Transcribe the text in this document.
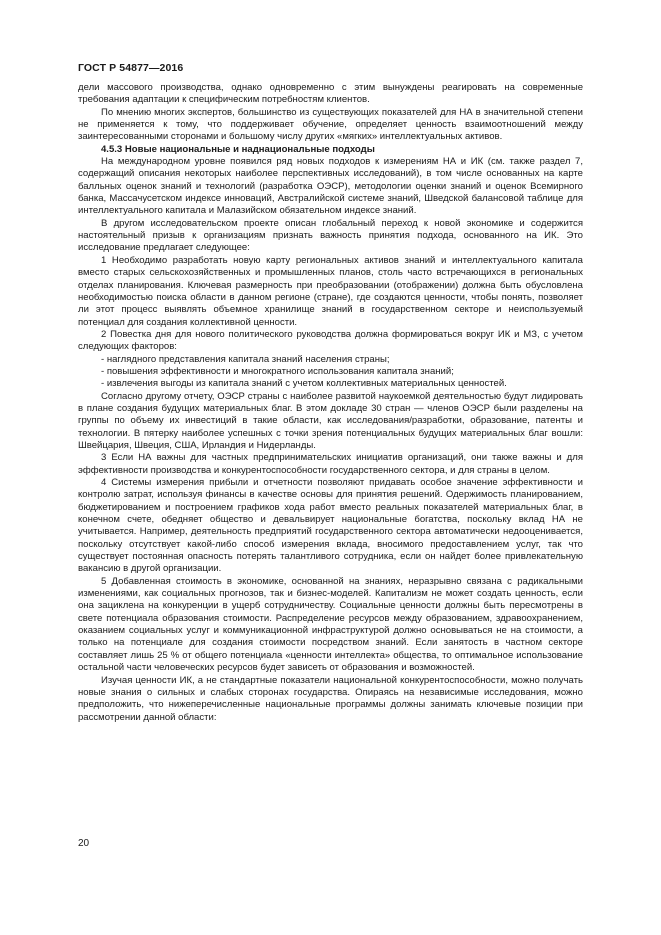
ГОСТ Р 54877—2016

дели массового производства, однако одновременно с этим вынуждены реагировать на современные требования адаптации к специфическим потребностям клиентов.

По мнению многих экспертов, большинство из существующих показателей для НА в значительной степени не применяется к тому, что поддерживает обучение, определяет ценность взаимоотношений между заинтересованными сторонами и большому числу других «мягких» интеллектуальных активов.

4.5.3 Новые национальные и наднациональные подходы

На международном уровне появился ряд новых подходов к измерениям НА и ИК (см. также раздел 7, содержащий описания некоторых наиболее перспективных исследований), в том числе основанных на карте балльных оценок знаний и технологий (разработка ОЭСР), методологии оценки знаний и оценок Всемирного банка, Массачусетском индексе инноваций, Австралийской системе знаний, Шведской балансовой таблице для интеллектуального капитала и Малазийском обязательном индексе знаний.

В другом исследовательском проекте описан глобальный переход к новой экономике и содержится настоятельный призыв к организациям признать важность принятия подхода, основанного на ИК. Это исследование предлагает следующее:

1 Необходимо разработать новую карту региональных активов знаний и интеллектуального капитала вместо старых сельскохозяйственных и промышленных планов, столь часто встречающихся в региональных отделах планирования. Ключевая размерность при преобразовании (отображении) должна быть обусловлена необходимостью поиска области в данном регионе (стране), где создаются ценности, чтобы понять, позволяет ли этот процесс выявлять объемное хранилище знаний в государственном секторе и неиспользуемый потенциал для создания коллективной ценности.

2 Повестка дня для нового политического руководства должна формироваться вокруг ИК и МЗ, с учетом следующих факторов:

- наглядного представления капитала знаний населения страны;

- повышения эффективности и многократного использования капитала знаний;

- извлечения выгоды из капитала знаний с учетом коллективных материальных ценностей.

Согласно другому отчету, ОЭСР страны с наиболее развитой наукоемкой деятельностью будут лидировать в плане создания будущих материальных благ. В этом докладе 30 стран — членов ОЭСР были разделены на группы по объему их инвестиций в такие области, как исследования/разработки, образование, патенты и технологии. В пятерку наиболее успешных с точки зрения потенциальных будущих материальных благ вошли: Швейцария, Швеция, США, Ирландия и Нидерланды.

3 Если НА важны для частных предпринимательских инициатив организаций, они также важны и для эффективности производства и конкурентоспособности государственного сектора, и для страны в целом.

4 Системы измерения прибыли и отчетности позволяют придавать особое значение эффективности и контролю затрат, используя финансы в качестве основы для принятия решений. Одержимость планированием, бюджетированием и построением графиков хода работ вместо реальных показателей материальных благ, в конечном счете, обедняет общество и девальвирует национальные богатства, поскольку вклад НА не учитывается. Например, деятельность предприятий государственного сектора автоматически недооценивается, поскольку отсутствует какой-либо способ измерения вклада, вносимого предоставлением услуг, так что существует постоянная опасность потерять талантливого сотрудника, если он найдет более привлекательную вакансию в другой организации.

5 Добавленная стоимость в экономике, основанной на знаниях, неразрывно связана с радикальными изменениями, как социальных прогнозов, так и бизнес-моделей. Капитализм не может создать ценность, если она зациклена на конкуренции в ущерб сотрудничеству. Социальные ценности должны быть пересмотрены в свете потенциала образования стоимости. Распределение ресурсов между образованием, здравоохранением, оказанием социальных услуг и коммуникационной инфраструктурой должно основываться не на стоимости, а только на потенциале для создания стоимости посредством знаний. Если занятость в частном секторе составляет лишь 25 % от общего потенциала «ценности интеллекта» общества, то оптимальное использование остальной части человеческих ресурсов будет зависеть от образования и возможностей.

Изучая ценности ИК, а не стандартные показатели национальной конкурентоспособности, можно получать новые знания о сильных и слабых сторонах государства. Опираясь на независимые исследования, можно предположить, что нижеперечисленные национальные программы должны занимать ключевые позиции при рассмотрении данной области:

20
